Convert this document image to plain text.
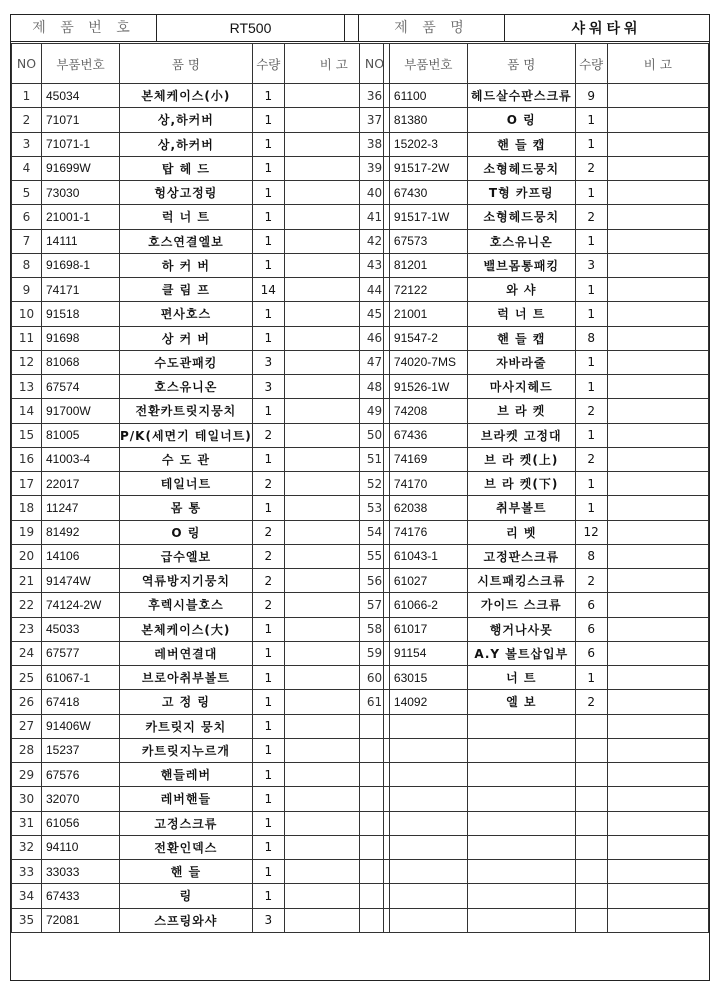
제 품 번 호	RT500	제 품 명	샤워타워
NO	부품번호	품 명	수량	비 고
1	45034	본체케이스(小)	1	
2	71071	상,하커버	1	
3	71071-1	상,하커버	1	
4	91699W	탑 헤 드	1	
5	73030	헝상고정링	1	
6	21001-1	럭 너 트	1	
7	14111	호스연결엘보	1	
8	91698-1	하 커 버	1	
9	74171	클 림 프	14	
10	91518	편사호스	1	
11	91698	상 커 버	1	
12	81068	수도관패킹	3	
13	67574	호스유니온	3	
14	91700W	전환카트릿지뭉치	1	
15	81005	P/K(세면기 테일너트)	2	
16	41003-4	수 도 관	1	
17	22017	테일너트	2	
18	11247	몸 통	1	
19	81492	O 링	2	
20	14106	급수엘보	2	
21	91474W	역류방지기뭉치	2	
22	74124-2W	후렉시블호스	2	
23	45033	본체케이스(大)	1	
24	67577	레버연결대	1	
25	61067-1	브로아취부볼트	1	
26	67418	고 정 링	1	
27	91406W	카트릿지 뭉치	1	
28	15237	카트릿지누르개	1	
29	67576	핸들레버	1	
30	32070	레버핸들	1	
31	61056	고정스크류	1	
32	94110	전환인덱스	1	
33	33033	핸 들	1	
34	67433	링	1	
35	72081	스프링와샤	3	
NO	부품번호	품 명	수량	비 고
36	61100	헤드살수판스크류	9	
37	81380	O 링	1	
38	15202-3	핸 들 캡	1	
39	91517-2W	소형헤드뭉치	2	
40	67430	T형 카프링	1	
41	91517-1W	소형헤드뭉치	2	
42	67573	호스유니온	1	
43	81201	밸브몸통패킹	3	
44	72122	와 샤	1	
45	21001	럭 너 트	1	
46	91547-2	핸 들 캡	8	
47	74020-7MS	자바라줄	1	
48	91526-1W	마사지헤드	1	
49	74208	브 라 켓	2	
50	67436	브라켓 고정대	1	
51	74169	브 라 켓(上)	2	
52	74170	브 라 켓(下)	1	
53	62038	취부볼트	1	
54	74176	리 벳	12	
55	61043-1	고정판스크류	8	
56	61027	시트패킹스크류	2	
57	61066-2	가이드 스크류	6	
58	61017	행거나사못	6	
59	91154	A.Y 볼트삽입부	6	
60	63015	너 트	1	
61	14092	엘 보	2	
